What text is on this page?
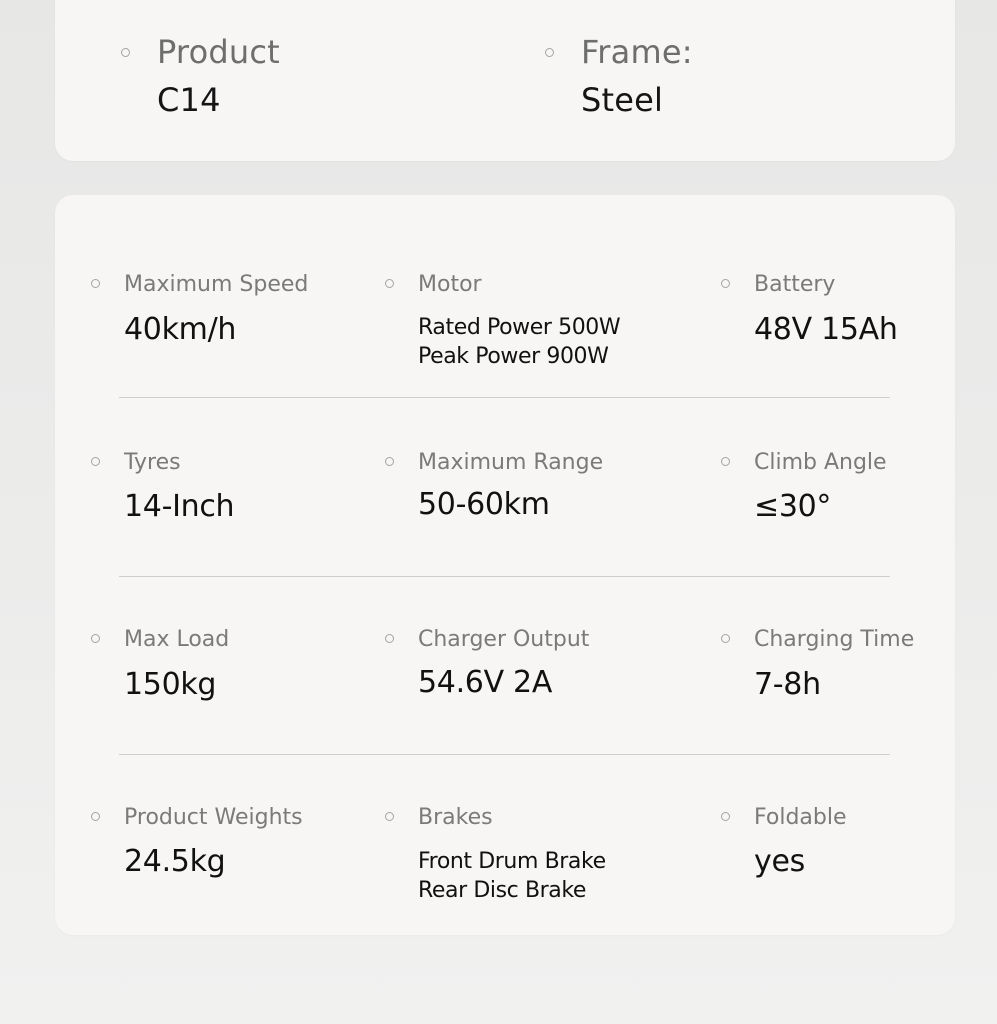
Product
C14
Frame:
Steel
Maximum Speed
40km/h
Motor
Rated Power 500W
Peak Power 900W
Battery
48V 15Ah
Tyres
14-Inch
Maximum Range
50-60km
Climb Angle
≤30°
Max Load
150kg
Charger Output
54.6V 2A
Charging Time
7-8h
Product Weights
24.5kg
Brakes
Front Drum Brake
Rear Disc Brake
Foldable
yes
